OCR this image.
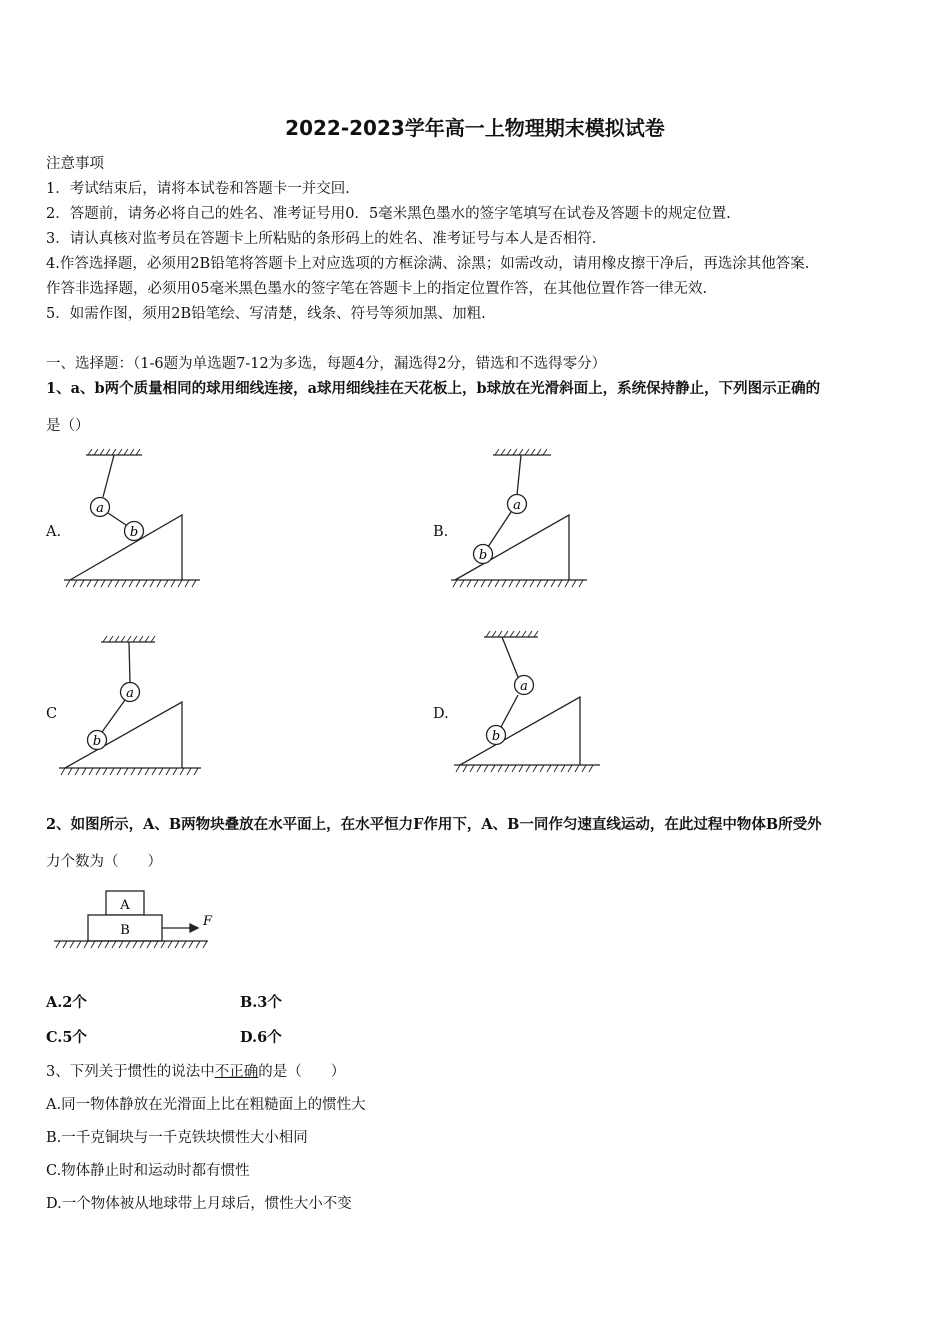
2022-2023学年高一上物理期末模拟试卷
注意事项
1．考试结束后，请将本试卷和答题卡一并交回.
2．答题前，请务必将自己的姓名、准考证号用0．5毫米黑色墨水的签字笔填写在试卷及答题卡的规定位置.
3．请认真核对监考员在答题卡上所粘贴的条形码上的姓名、准考证号与本人是否相符.
4.作答选择题，必须用2B铅笔将答题卡上对应选项的方框涂满、涂黑；如需改动，请用橡皮擦干净后，再选涂其他答案.
作答非选择题，必须用05毫米黑色墨水的签字笔在答题卡上的指定位置作答，在其他位置作答一律无效.
5．如需作图，须用2B铅笔绘、写清楚，线条、符号等须加黑、加粗.
一、选择题：（1-6题为单选题7-12为多选，每题4分，漏选得2分，错选和不选得零分）
1、a、b两个质量相同的球用细线连接，a球用细线挂在天花板上，b球放在光滑斜面上，系统保持静止，下列图示正确的
是（）
A.	B.
C	D.
a
b
a
b
a
b
a
b
2、如图所示，A、B两物块叠放在水平面上，在水平恒力F作用下，A、B一同作匀速直线运动，在此过程中物体B所受外
力个数为（　　）
A
B
F
A.2个	B.3个
C.5个	D.6个
3、下列关于惯性的说法中不正确的是（　　）
A.同一物体静放在光滑面上比在粗糙面上的惯性大
B.一千克铜块与一千克铁块惯性大小相同
C.物体静止时和运动时都有惯性
D.一个物体被从地球带上月球后，惯性大小不变
